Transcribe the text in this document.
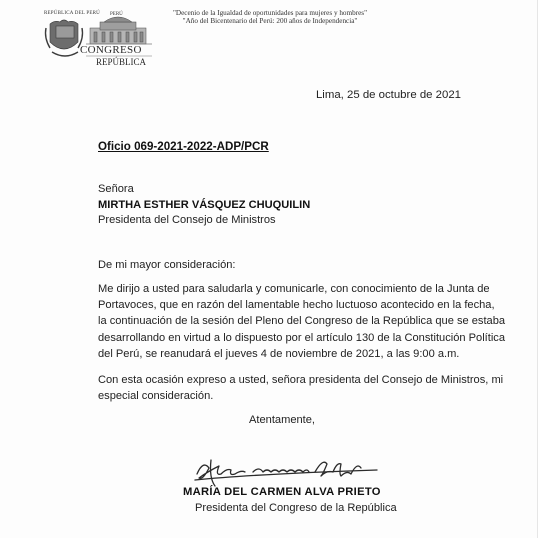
REPÚBLICA DEL PERÚ PERÚ
CONGRESO
REPÚBLICA
"Decenio de la Igualdad de oportunidades para mujeres y hombres"
"Año del Bicentenario del Perú: 200 años de Independencia"
Lima, 25 de octubre de 2021
Oficio 069-2021-2022-ADP/PCR
Señora
MIRTHA ESTHER VÁSQUEZ CHUQUILIN
Presidenta del Consejo de Ministros
De mi mayor consideración:
Me dirijo a usted para saludarla y comunicarle, con conocimiento de la Junta de
Portavoces, que en razón del lamentable hecho luctuoso acontecido en la fecha,
la continuación de la sesión del Pleno del Congreso de la República que se estaba
desarrollando en virtud a lo dispuesto por el artículo 130 de la Constitución Política
del Perú, se reanudará el jueves 4 de noviembre de 2021, a las 9:00 a.m.
Con esta ocasión expreso a usted, señora presidenta del Consejo de Ministros, mi
especial consideración.
Atentamente,
MARÍA DEL CARMEN ALVA PRIETO
Presidenta del Congreso de la República
